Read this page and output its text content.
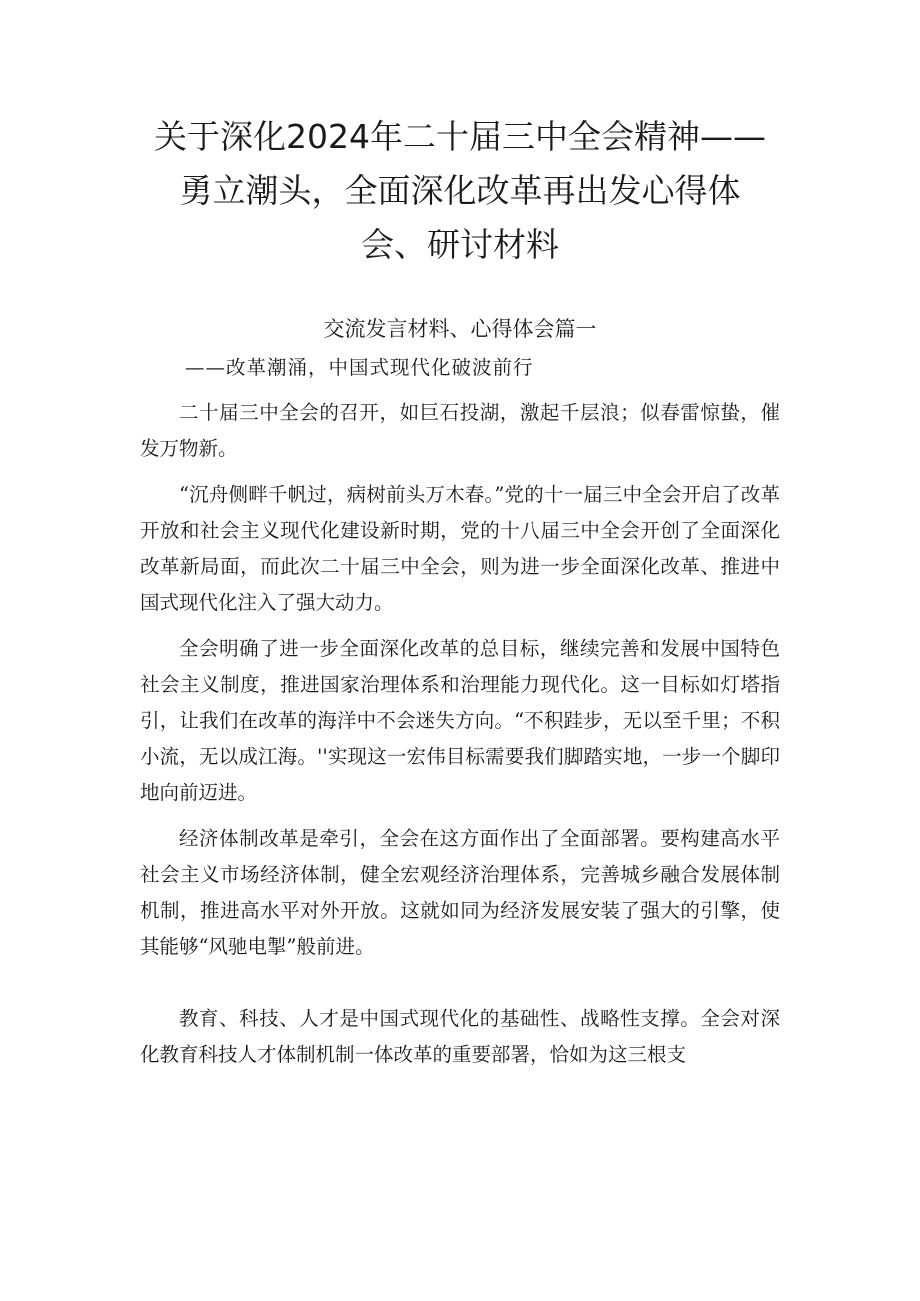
关于深化2024年二十届三中全会精神——
勇立潮头，全面深化改革再出发心得体
会、研讨材料
交流发言材料、心得体会篇一

——改革潮涌，中国式现代化破波前行

二十届三中全会的召开，如巨石投湖，激起千层浪；似春雷惊蛰，催发万物新。

“沉舟侧畔千帆过，病树前头万木春。”党的十一届三中全会开启了改革开放和社会主义现代化建设新时期，党的十八届三中全会开创了全面深化改革新局面，而此次二十届三中全会，则为进一步全面深化改革、推进中国式现代化注入了强大动力。

全会明确了进一步全面深化改革的总目标，继续完善和发展中国特色社会主义制度，推进国家治理体系和治理能力现代化。这一目标如灯塔指引，让我们在改革的海洋中不会迷失方向。“不积跬步，无以至千里；不积小流，无以成江海。''实现这一宏伟目标需要我们脚踏实地，一步一个脚印地向前迈进。

经济体制改革是牵引，全会在这方面作出了全面部署。要构建高水平社会主义市场经济体制，健全宏观经济治理体系，完善城乡融合发展体制机制，推进高水平对外开放。这就如同为经济发展安装了强大的引擎，使其能够“风驰电掣”般前进。

教育、科技、人才是中国式现代化的基础性、战略性支撑。全会对深化教育科技人才体制机制一体改革的重要部署，恰如为这三根支
